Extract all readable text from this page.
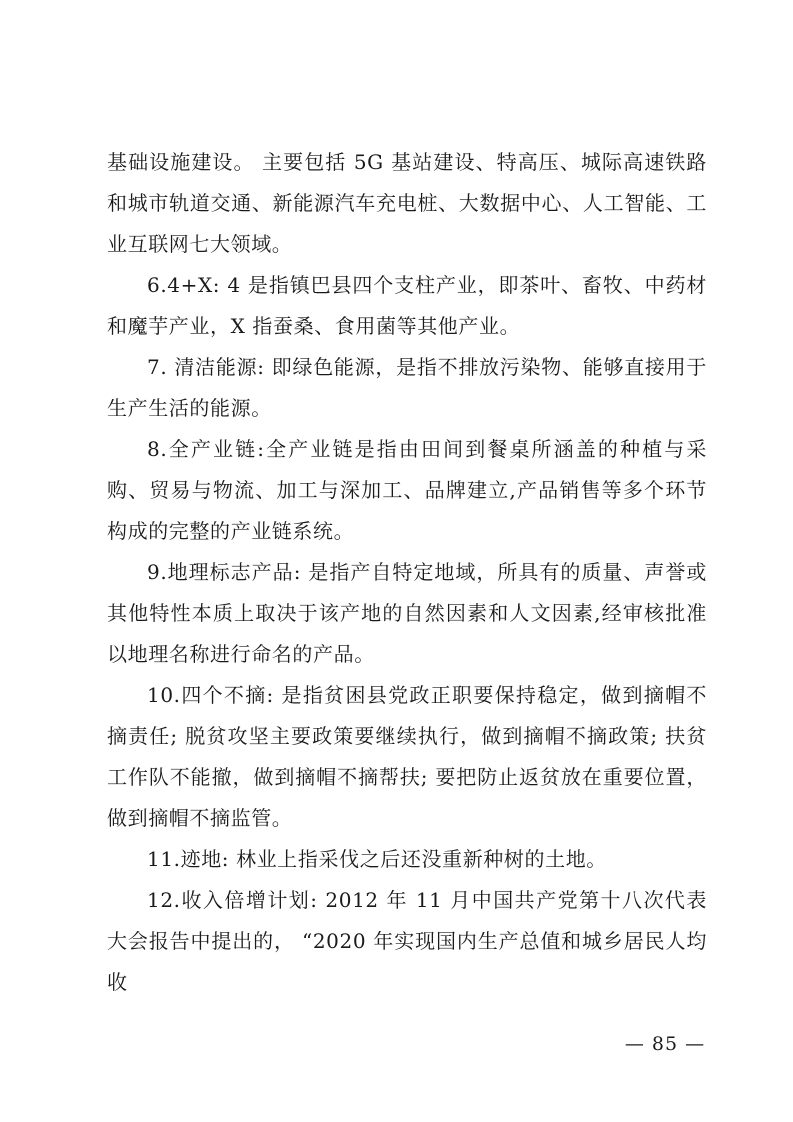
基础设施建设。 主要包括 5G 基站建设、特高压、城际高速铁路和城市轨道交通、新能源汽车充电桩、大数据中心、人工智能、工业互联网七大领域。

6.4+X: 4 是指镇巴县四个支柱产业，即茶叶、畜牧、中药材和魔芋产业，X 指蚕桑、食用菌等其他产业。

7. 清洁能源: 即绿色能源，是指不排放污染物、能够直接用于生产生活的能源。

8.全产业链:全产业链是指由田间到餐桌所涵盖的种植与采购、贸易与物流、加工与深加工、品牌建立,产品销售等多个环节构成的完整的产业链系统。

9.地理标志产品: 是指产自特定地域，所具有的质量、声誉或其他特性本质上取决于该产地的自然因素和人文因素,经审核批准以地理名称进行命名的产品。

10.四个不摘: 是指贫困县党政正职要保持稳定，做到摘帽不摘责任; 脱贫攻坚主要政策要继续执行，做到摘帽不摘政策; 扶贫工作队不能撤，做到摘帽不摘帮扶; 要把防止返贫放在重要位置，做到摘帽不摘监管。

11.迹地: 林业上指采伐之后还没重新种树的土地。

12.收入倍增计划: 2012 年 11 月中国共产党第十八次代表大会报告中提出的， “2020 年实现国内生产总值和城乡居民人均收

— 85 —
